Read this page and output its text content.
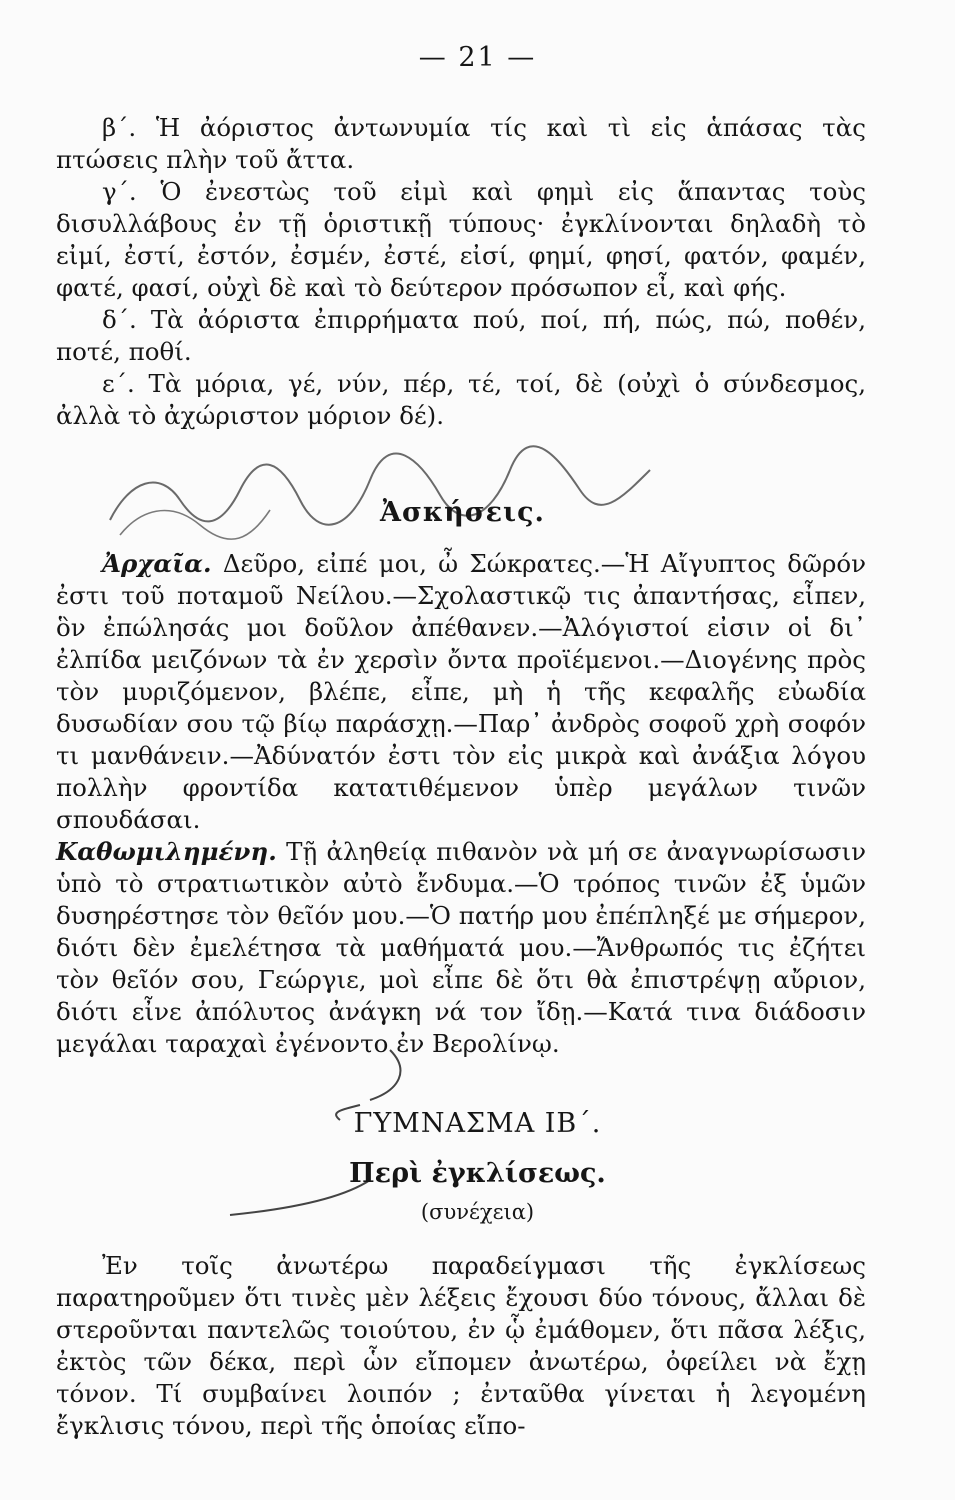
— 21 —

β΄. Ἡ ἀόριστος ἀντωνυμία τίς καὶ τὶ εἰς ἁπάσας τὰς πτώσεις πλὴν τοῦ ἄττα.

γ΄. Ὁ ἐνεστὼς τοῦ εἰμὶ καὶ φημὶ εἰς ἅπαντας τοὺς δισυλλάβους ἐν τῇ ὁριστικῇ τύπους· ἐγκλίνονται δηλαδὴ τὸ εἰμί, ἐστί, ἐστόν, ἐσμέν, ἐστέ, εἰσί, φημί, φησί, φατόν, φαμέν, φατέ, φασί, οὐχὶ δὲ καὶ τὸ δεύτερον πρόσωπον εἶ, καὶ φής.

δ΄. Τὰ ἀόριστα ἐπιρρήματα πού, ποί, πή, πώς, πώ, ποθέν, ποτέ, ποθί.

ε΄. Τὰ μόρια, γέ, νύν, πέρ, τέ, τοί, δὲ (οὐχὶ ὁ σύνδεσμος, ἀλλὰ τὸ ἀχώριστον μόριον δέ).

Ἀσκήσεις.

Ἀρχαῖα. Δεῦρο, εἰπέ μοι, ὦ Σώκρατες.—Ἡ Αἴγυπτος δῶρόν ἐστι τοῦ ποταμοῦ Νείλου.—Σχολαστικῷ τις ἀπαντήσας, εἶπεν, ὃν ἐπώλησάς μοι δοῦλον ἀπέθανεν.—Ἀλόγιστοί εἰσιν οἱ δι᾽ ἐλπίδα μειζόνων τὰ ἐν χερσὶν ὄντα προϊέμενοι.—Διογένης πρὸς τὸν μυριζόμενον, βλέπε, εἶπε, μὴ ἡ τῆς κεφαλῆς εὐωδία δυσωδίαν σου τῷ βίῳ παράσχῃ.—Παρ᾽ ἀνδρὸς σοφοῦ χρὴ σοφόν τι μανθάνειν.—Ἀδύνατόν ἐστι τὸν εἰς μικρὰ καὶ ἀνάξια λόγου πολλὴν φροντίδα κατατιθέμενον ὑπὲρ μεγάλων τινῶν σπουδάσαι.

Καθωμιλημένη. Τῇ ἀληθείᾳ πιθανὸν νὰ μή σε ἀναγνωρίσωσιν ὑπὸ τὸ στρατιωτικὸν αὐτὸ ἔνδυμα.—Ὁ τρόπος τινῶν ἐξ ὑμῶν δυσηρέστησε τὸν θεῖόν μου.—Ὁ πατήρ μου ἐπέπληξέ με σήμερον, διότι δὲν ἐμελέτησα τὰ μαθήματά μου.—Ἄνθρωπός τις ἐζήτει τὸν θεῖόν σου, Γεώργιε, μοὶ εἶπε δὲ ὅτι θὰ ἐπιστρέψῃ αὔριον, διότι εἶνε ἀπόλυτος ἀνάγκη νά τον ἴδῃ.—Κατά τινα διάδοσιν μεγάλαι ταραχαὶ ἐγένοντο ἐν Βερολίνῳ.

ΓΥΜΝΑΣΜΑ ΙΒ΄.
Περὶ ἐγκλίσεως.
(συνέχεια)

Ἐν τοῖς ἀνωτέρω παραδείγμασι τῆς ἐγκλίσεως παρατηροῦμεν ὅτι τινὲς μὲν λέξεις ἔχουσι δύο τόνους, ἄλλαι δὲ στεροῦνται παντελῶς τοιούτου, ἐν ᾧ ἐμάθομεν, ὅτι πᾶσα λέξις, ἐκτὸς τῶν δέκα, περὶ ὧν εἴπομεν ἀνωτέρω, ὀφείλει νὰ ἔχῃ τόνον. Τί συμβαίνει λοιπόν ; ἐνταῦθα γίνεται ἡ λεγομένη ἔγκλισις τόνου, περὶ τῆς ὁποίας εἴπο-
